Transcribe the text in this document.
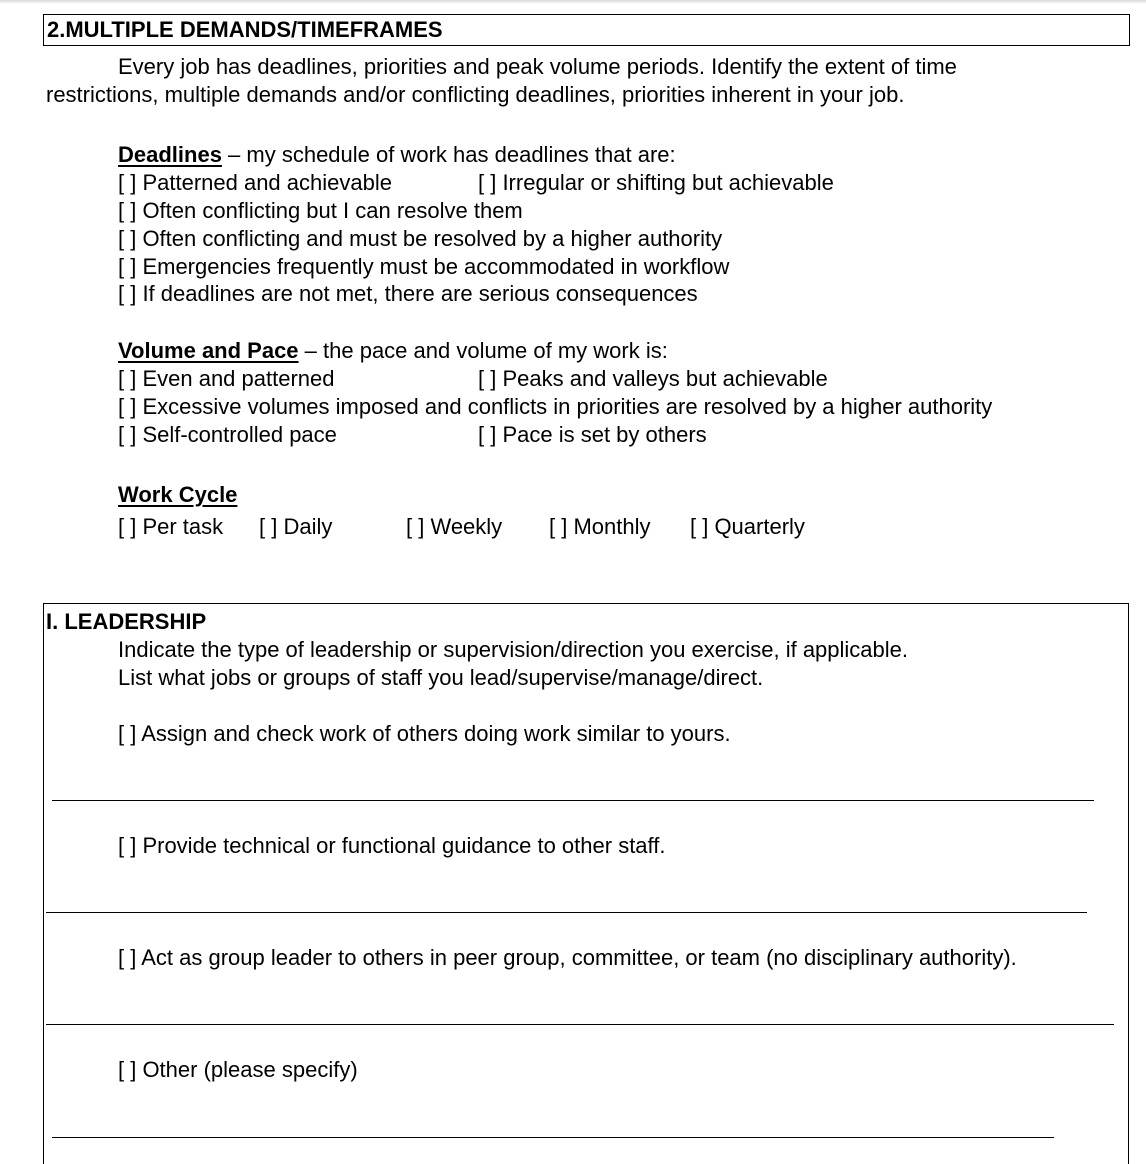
2.MULTIPLE DEMANDS/TIMEFRAMES
Every job has deadlines, priorities and peak volume periods. Identify the extent of time
restrictions, multiple demands and/or conflicting deadlines, priorities inherent in your job.
Deadlines – my schedule of work has deadlines that are:
[ ] Patterned and achievable	[ ] Irregular or shifting but achievable
[ ] Often conflicting but I can resolve them
[ ] Often conflicting and must be resolved by a higher authority
[ ] Emergencies frequently must be accommodated in workflow
[ ] If deadlines are not met, there are serious consequences
Volume and Pace – the pace and volume of my work is:
[ ] Even and patterned	[ ] Peaks and valleys but achievable
[ ] Excessive volumes imposed and conflicts in priorities are resolved by a higher authority
[ ] Self-controlled pace	[ ] Pace is set by others
Work Cycle
[ ] Per task [ ] Daily	[ ] Weekly [ ] Monthly [ ] Quarterly
I. LEADERSHIP
Indicate the type of leadership or supervision/direction you exercise, if applicable.
List what jobs or groups of staff you lead/supervise/manage/direct.
[ ] Assign and check work of others doing work similar to yours.
[ ] Provide technical or functional guidance to other staff.
[ ] Act as group leader to others in peer group, committee, or team (no disciplinary authority).
[ ] Other (please specify)
